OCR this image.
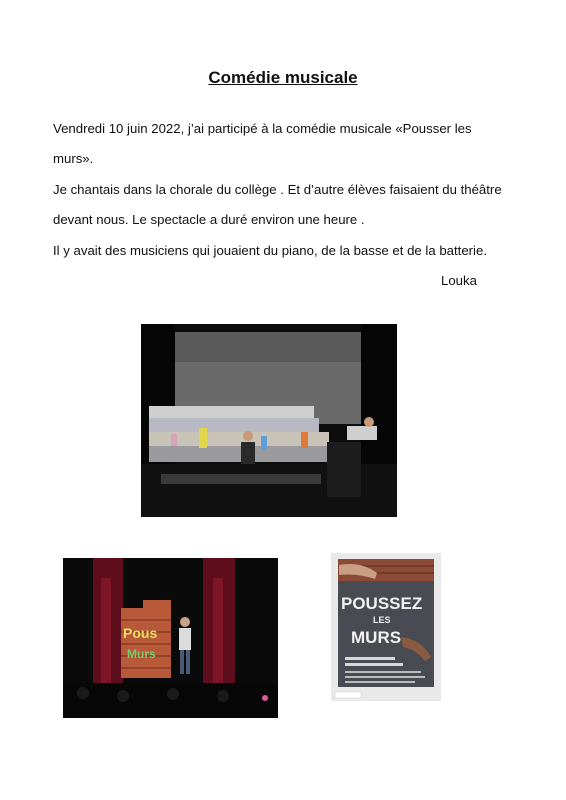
Comédie musicale

Vendredi 10 juin 2022, j’ai participé à la comédie musicale «Pousser les

murs».

Je chantais dans la chorale du collège . Et d’autre élèves faisaient du théâtre

devant nous. Le spectacle a duré environ une heure .

Il y avait des musiciens qui jouaient du piano, de la basse et de la batterie.

Louka
Pous
Murs
POUSSEZ
LES
MURS
